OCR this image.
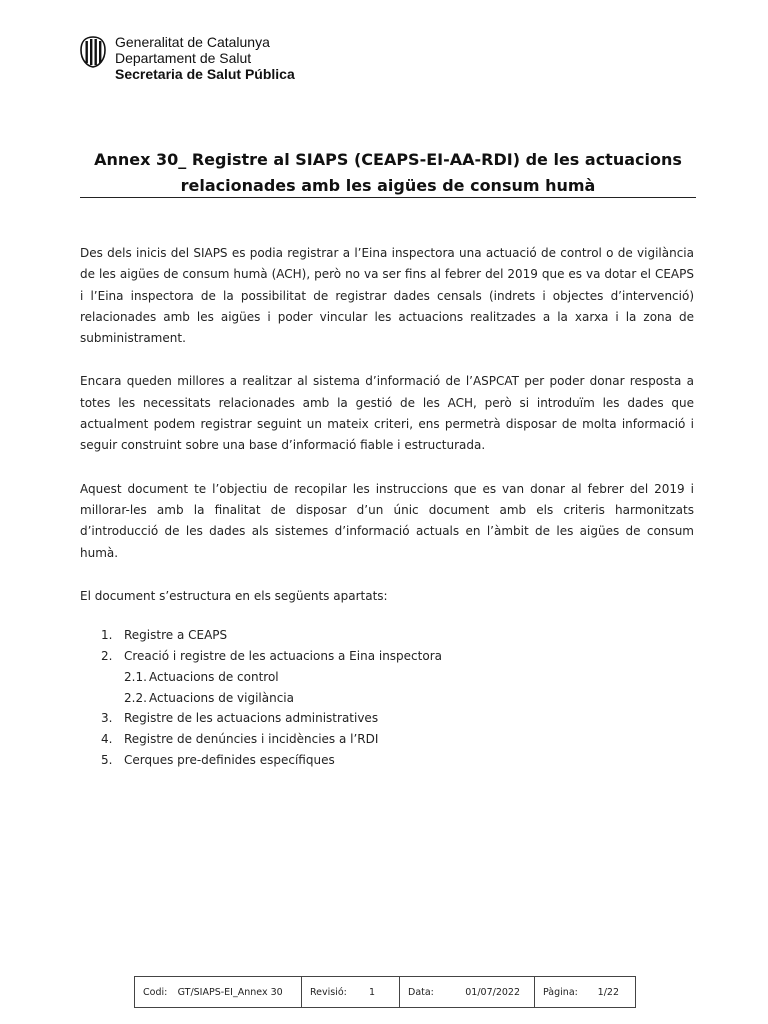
Generalitat de Catalunya
Departament de Salut
Secretaria de Salut Pública
Annex 30_ Registre al SIAPS (CEAPS-EI-AA-RDI) de les actuacions
relacionades amb les aigües de consum humà

Des dels inicis del SIAPS es podia registrar a l’Eina inspectora una actuació de control o de vigilància de les aigües de consum humà (ACH), però no va ser fins al febrer del 2019 que es va dotar el CEAPS i l’Eina inspectora de la possibilitat de registrar dades censals (indrets i objectes d’intervenció) relacionades amb les aigües i poder vincular les actuacions realitzades a la xarxa i la zona de subministrament.

Encara queden millores a realitzar al sistema d’informació de l’ASPCAT per poder donar resposta a totes les necessitats relacionades amb la gestió de les ACH, però si introduïm les dades que actualment podem registrar seguint un mateix criteri, ens permetrà disposar de molta informació i seguir construint sobre una base d’informació fiable i estructurada.

Aquest document te l’objectiu de recopilar les instruccions que es van donar al febrer del 2019 i millorar-les amb la finalitat de disposar d’un únic document amb els criteris harmonitzats d’introducció de les dades als sistemes d’informació actuals en l’àmbit de les aigües de consum humà.

El document s’estructura en els següents apartats:

1. Registre a CEAPS
2. Creació i registre de les actuacions a Eina inspectora
2.1. Actuacions de control
2.2. Actuacions de vigilància
3. Registre de les actuacions administratives
4. Registre de denúncies i incidències a l’RDI
5. Cerques pre-definides específiques
Codi: GT/SIAPS-EI_Annex 30	Revisió: 1	Data:	01/07/2022 Pàgina: 1/22
